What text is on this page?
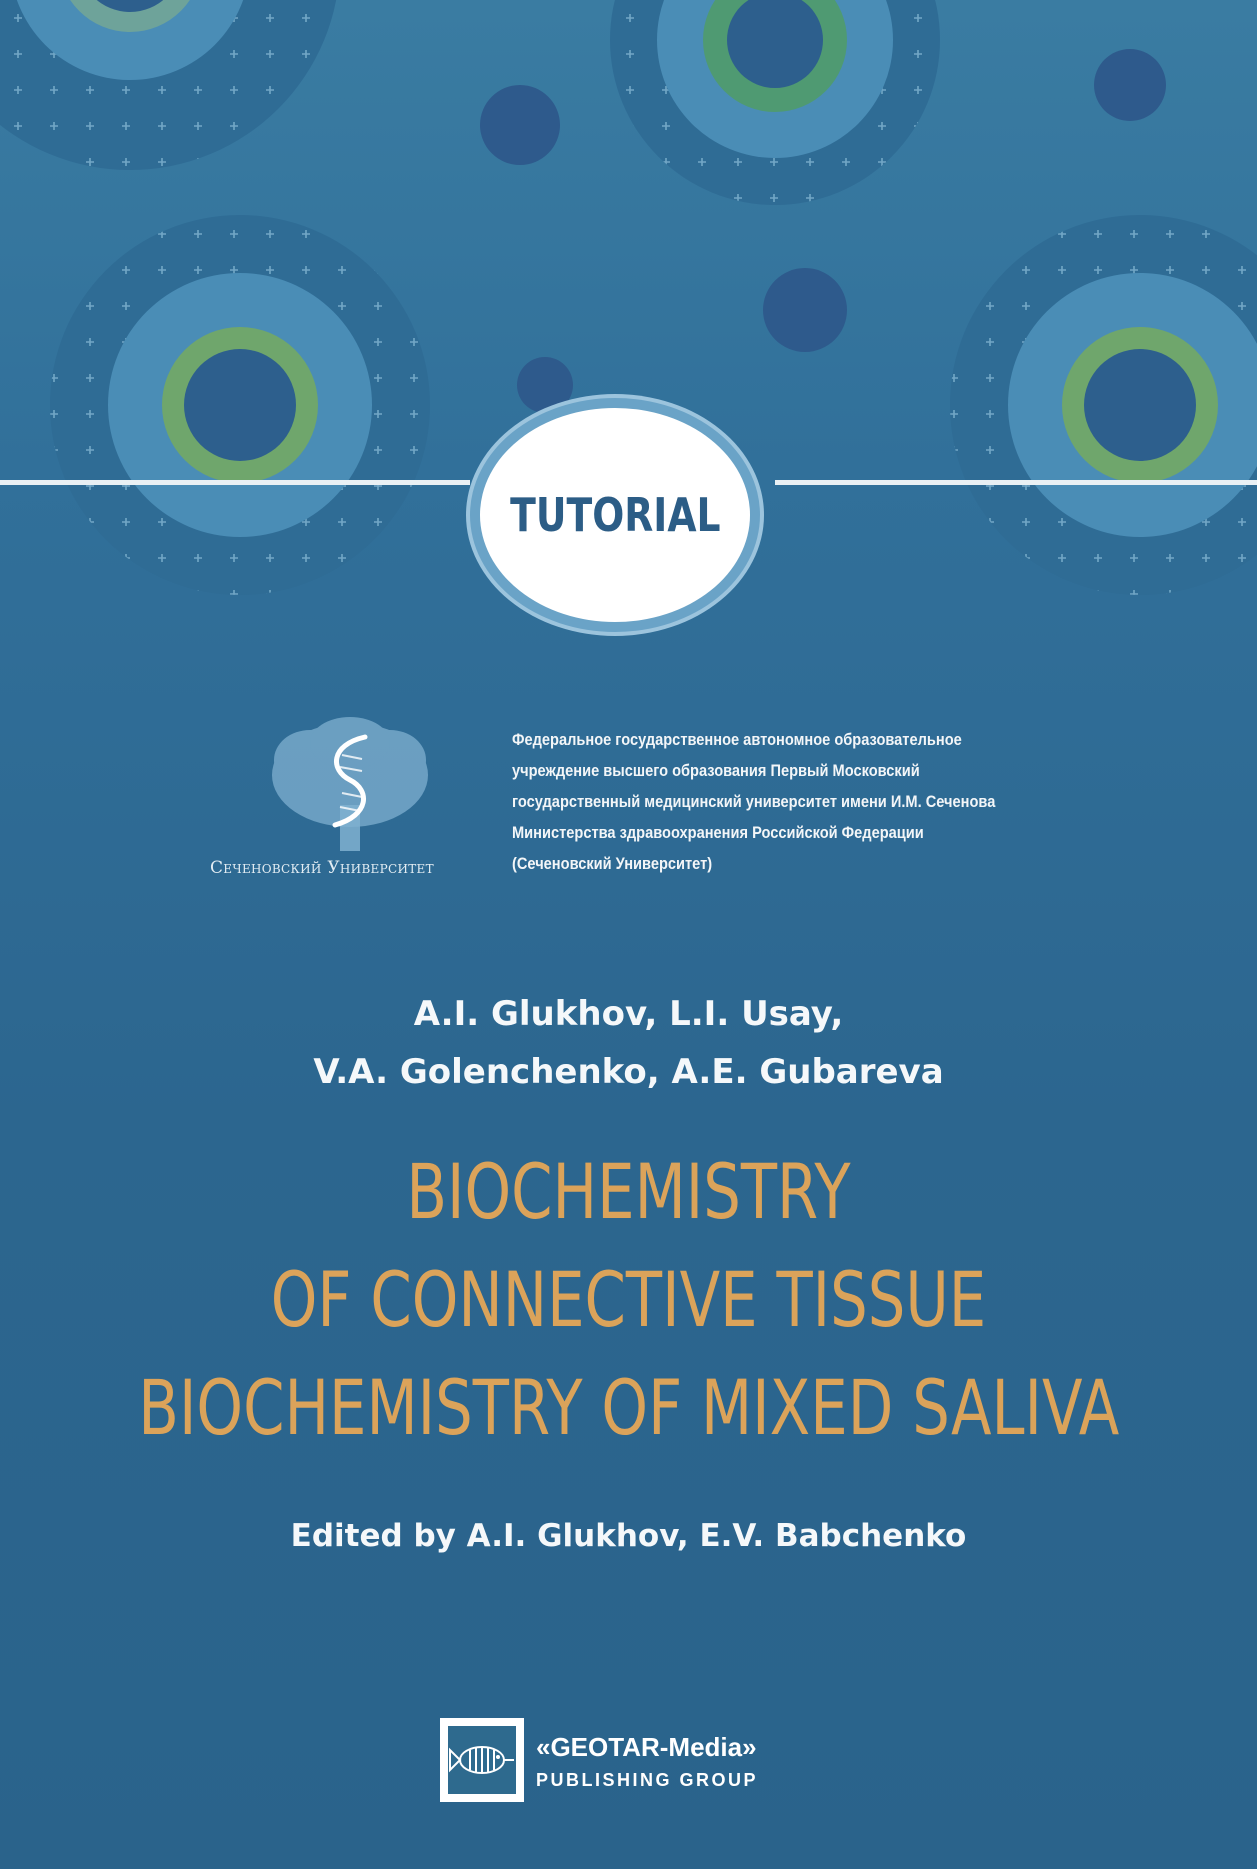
TUTORIAL
Сеченовский Университет
Федеральное государственное автономное образовательное
учреждение высшего образования Первый Московский
государственный медицинский университет имени И.М. Сеченова
Министерства здравоохранения Российской Федерации
(Сеченовский Университет)
A.I. Glukhov, L.I. Usay,
V.A. Golenchenko, A.E. Gubareva
BIOCHEMISTRY
OF CONNECTIVE TISSUE
BIOCHEMISTRY OF MIXED SALIVA
Edited by A.I. Glukhov, E.V. Babchenko
«GEOTAR-Media»
PUBLISHING GROUP
